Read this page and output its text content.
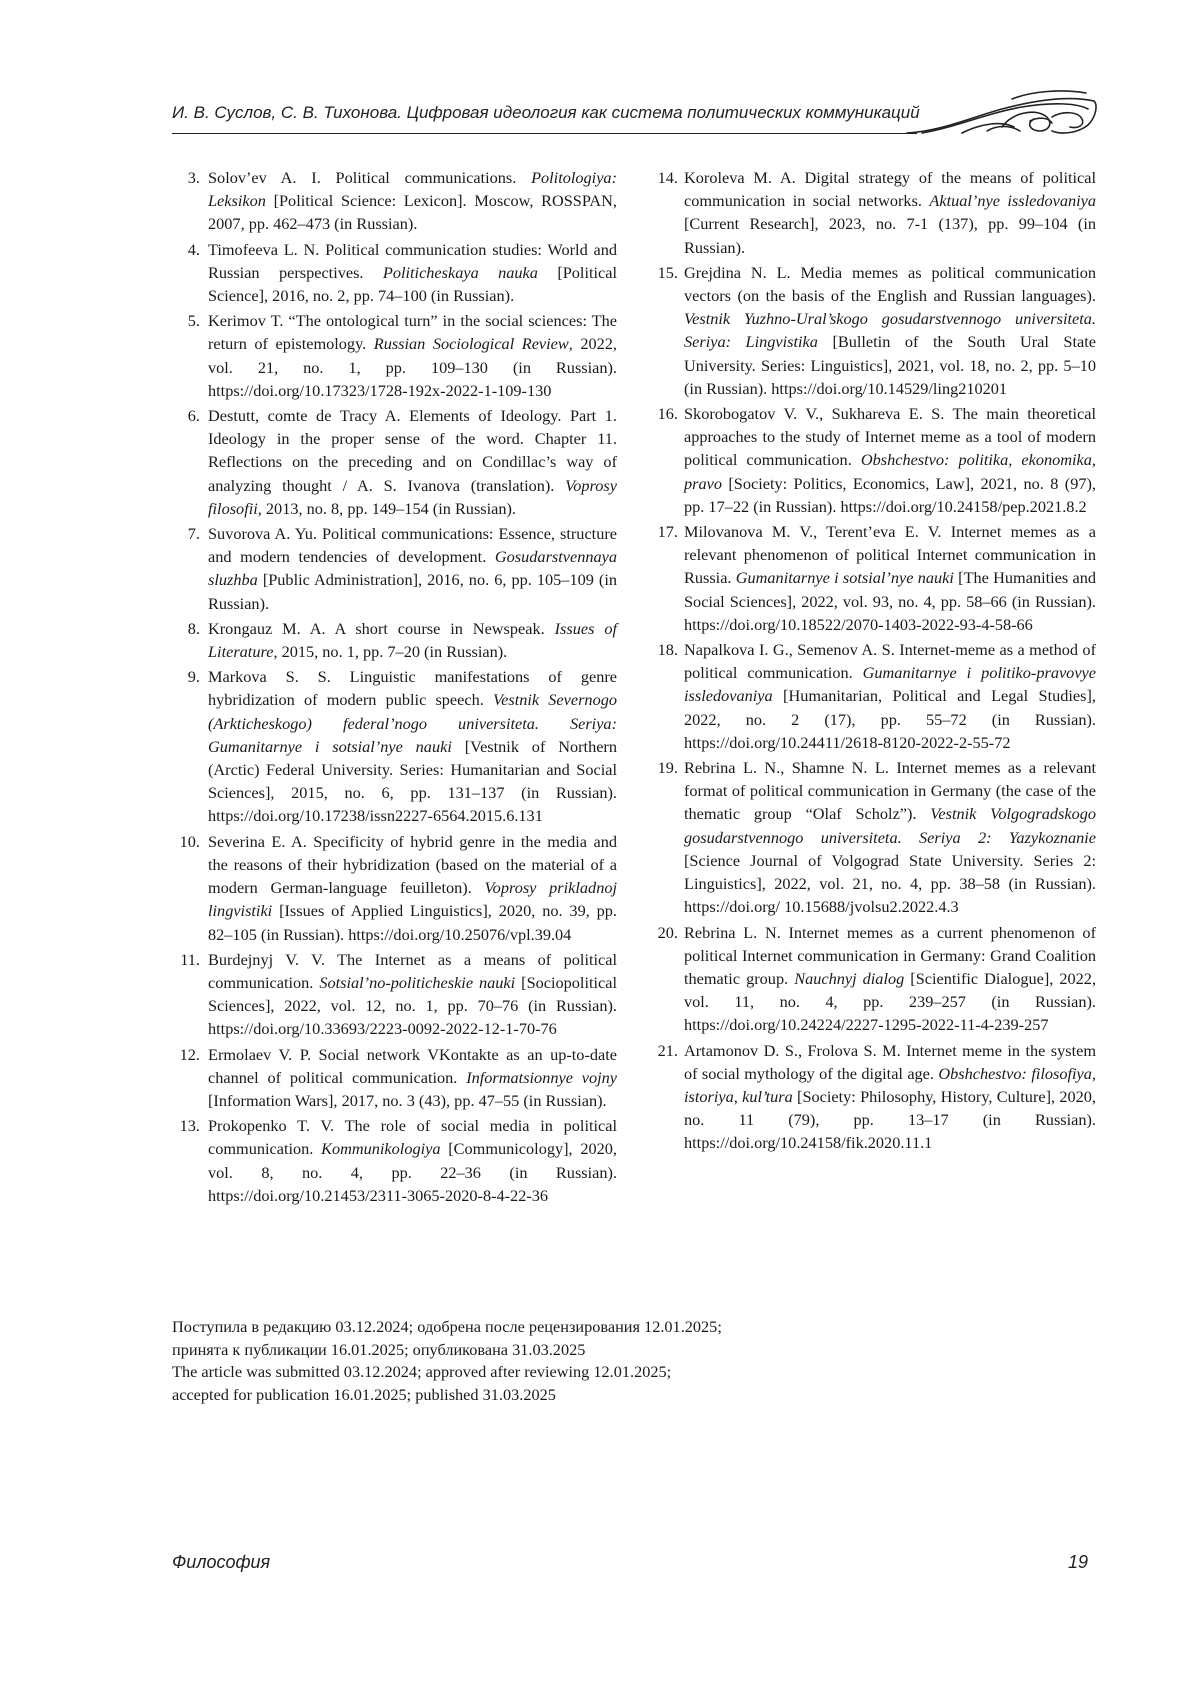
И. В. Суслов, С. В. Тихонова. Цифровая идеология как система политических коммуникаций
3. Solov’ev A. I. Political communications. Politologiya: Leksikon [Political Science: Lexicon]. Moscow, ROSSPAN, 2007, pp. 462–473 (in Russian).
4. Timofeeva L. N. Political communication studies: World and Russian perspectives. Politicheskaya nauka [Political Science], 2016, no. 2, pp. 74–100 (in Russian).
5. Kerimov T. “The ontological turn” in the social sciences: The return of epistemology. Russian Sociological Review, 2022, vol. 21, no. 1, pp. 109–130 (in Russian). https://doi.org/10.17323/1728-192x-2022-1-109-130
6. Destutt, comte de Tracy A. Elements of Ideology. Part 1. Ideology in the proper sense of the word. Chapter 11. Reflections on the preceding and on Condillac’s way of analyzing thought / A. S. Ivanova (translation). Voprosy filosofii, 2013, no. 8, pp. 149–154 (in Russian).
7. Suvorova A. Yu. Political communications: Essence, structure and modern tendencies of development. Gosudarstvennaya sluzhba [Public Administration], 2016, no. 6, pp. 105–109 (in Russian).
8. Krongauz M. A. A short course in Newspeak. Issues of Literature, 2015, no. 1, pp. 7–20 (in Russian).
9. Markova S. S. Linguistic manifestations of genre hybridization of modern public speech. Vestnik Severnogo (Arkticheskogo) federal’nogo universiteta. Seriya: Gumanitarnye i sotsial’nye nauki [Vestnik of Northern (Arctic) Federal University. Series: Humanitarian and Social Sciences], 2015, no. 6, pp. 131–137 (in Russian). https://doi.org/10.17238/issn2227-6564.2015.6.131
10. Severina E. A. Specificity of hybrid genre in the media and the reasons of their hybridization (based on the material of a modern German-language feuilleton). Voprosy prikladnoj lingvistiki [Issues of Applied Linguistics], 2020, no. 39, pp. 82–105 (in Russian). https://doi.org/10.25076/vpl.39.04
11. Burdejnyj V. V. The Internet as a means of political communication. Sotsial’no-politicheskie nauki [Sociopolitical Sciences], 2022, vol. 12, no. 1, pp. 70–76 (in Russian). https://doi.org/10.33693/2223-0092-2022-12-1-70-76
12. Ermolaev V. P. Social network VKontakte as an up-to-date channel of political communication. Informatsionnye vojny [Information Wars], 2017, no. 3 (43), pp. 47–55 (in Russian).
13. Prokopenko T. V. The role of social media in political communication. Kommunikologiya [Communicology], 2020, vol. 8, no. 4, pp. 22–36 (in Russian). https://doi.org/10.21453/2311-3065-2020-8-4-22-36
14. Koroleva M. A. Digital strategy of the means of political communication in social networks. Aktual’nye issledovaniya [Current Research], 2023, no. 7-1 (137), pp. 99–104 (in Russian).
15. Grejdina N. L. Media memes as political communication vectors (on the basis of the English and Russian languages). Vestnik Yuzhno-Ural’skogo gosudarstvennogo universiteta. Seriya: Lingvistika [Bulletin of the South Ural State University. Series: Linguistics], 2021, vol. 18, no. 2, pp. 5–10 (in Russian). https://doi.org/10.14529/ling210201
16. Skorobogatov V. V., Sukhareva E. S. The main theoretical approaches to the study of Internet meme as a tool of modern political communication. Obshchestvo: politika, ekonomika, pravo [Society: Politics, Economics, Law], 2021, no. 8 (97), pp. 17–22 (in Russian). https://doi.org/10.24158/pep.2021.8.2
17. Milovanova M. V., Terent’eva E. V. Internet memes as a relevant phenomenon of political Internet communication in Russia. Gumanitarnye i sotsial’nye nauki [The Humanities and Social Sciences], 2022, vol. 93, no. 4, pp. 58–66 (in Russian). https://doi.org/10.18522/2070-1403-2022-93-4-58-66
18. Napalkova I. G., Semenov A. S. Internet-meme as a method of political communication. Gumanitarnye i politiko-pravovye issledovaniya [Humanitarian, Political and Legal Studies], 2022, no. 2 (17), pp. 55–72 (in Russian). https://doi.org/10.24411/2618-8120-2022-2-55-72
19. Rebrina L. N., Shamne N. L. Internet memes as a relevant format of political communication in Germany (the case of the thematic group “Olaf Scholz”). Vestnik Volgogradskogo gosudarstvennogo universiteta. Seriya 2: Yazykoznanie [Science Journal of Volgograd State University. Series 2: Linguistics], 2022, vol. 21, no. 4, pp. 38–58 (in Russian). https://doi.org/ 10.15688/jvolsu2.2022.4.3
20. Rebrina L. N. Internet memes as a current phenomenon of political Internet communication in Germany: Grand Coalition thematic group. Nauchnyj dialog [Scientific Dialogue], 2022, vol. 11, no. 4, pp. 239–257 (in Russian). https://doi.org/10.24224/2227-1295-2022-11-4-239-257
21. Artamonov D. S., Frolova S. M. Internet meme in the system of social mythology of the digital age. Obshchestvo: filosofiya, istoriya, kul’tura [Society: Philosophy, History, Culture], 2020, no. 11 (79), pp. 13–17 (in Russian). https://doi.org/10.24158/fik.2020.11.1
Поступила в редакцию 03.12.2024; одобрена после рецензирования 12.01.2025;
принята к публикации 16.01.2025; опубликована 31.03.2025
The article was submitted 03.12.2024; approved after reviewing 12.01.2025;
accepted for publication 16.01.2025; published 31.03.2025
Философия	19
